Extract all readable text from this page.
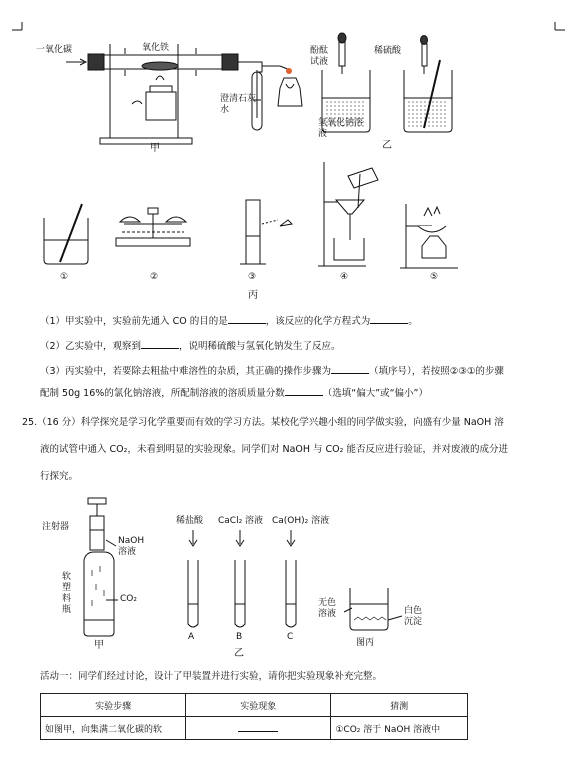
一氧化碳	氧化铁
澄清石灰水
甲
酚酞试液
氢氧化钠溶液
稀硫酸
乙
①	②	③	④	⑤
丙
（1）甲实验中，实验前先通入 CO 的目的是	，该反应的化学方程式为	。
（2）乙实验中，观察到	，说明稀硫酸与氢氧化钠发生了反应。
（3）丙实验中，若要除去粗盐中难溶性的杂质，其正确的操作步骤为	（填序号），若按照②③①的步骤
配制 50g 16%的氯化钠溶液，所配制溶液的溶质质量分数	（选填“偏大”或“偏小”）
25.（16 分）科学探究是学习化学重要而有效的学习方法。某校化学兴趣小组的同学做实验，向盛有少量 NaOH 溶
液的试管中通入 CO₂，未看到明显的实验现象。同学们对 NaOH 与 CO₂ 能否反应进行验证，并对废液的成分进
行探究。
注射器
NaOH溶液
软塑料瓶
CO₂
甲
稀盐酸 CaCl₂ 溶液 Ca(OH)₂ 溶液
A	B	C
乙
无色溶液	白色沉淀
图丙
活动一：同学们经过讨论，设计了甲装置并进行实验，请你把实验现象补充完整。
实验步骤	实验现象	猜测
如图甲，向集满二氧化碳的软		①CO₂ 溶于 NaOH 溶液中
